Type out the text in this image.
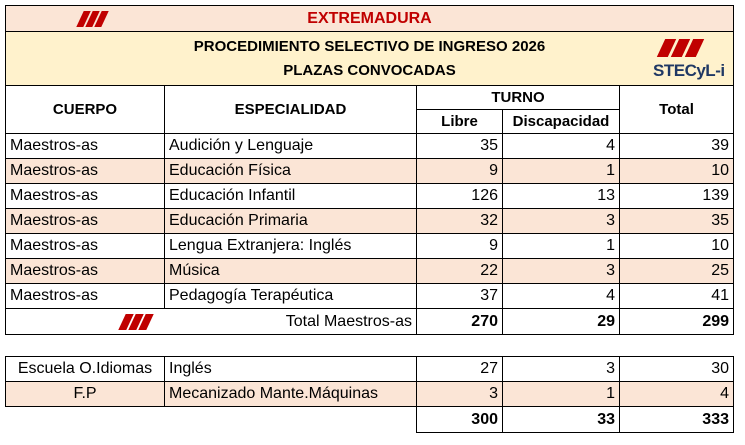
EXTREMADURA				

PROCEDIMIENTO SELECTIVO DE INGRESO 2026
PLAZAS CONVOCADAS STECyL-i				

CUERPO	ESPECIALIDAD	TURNO		Total
		Libre	Discapacidad	
Maestros-as	Audición y Lenguaje	35	4	39
Maestros-as	Educación Física	9	1	10
Maestros-as	Educación Infantil	126	13	139
Maestros-as	Educación Primaria	32	3	35
Maestros-as	Lengua Extranjera: Inglés	9	1	10
Maestros-as	Música	22	3	25
Maestros-as	Pedagogía Terapéutica	37	4	41

Total Maestros-as		270	29	299
Escuela O.Idiomas	Inglés	27	3	30
F.P	Mecanizado Mante.Máquinas	3	1	4
		300	33	333
